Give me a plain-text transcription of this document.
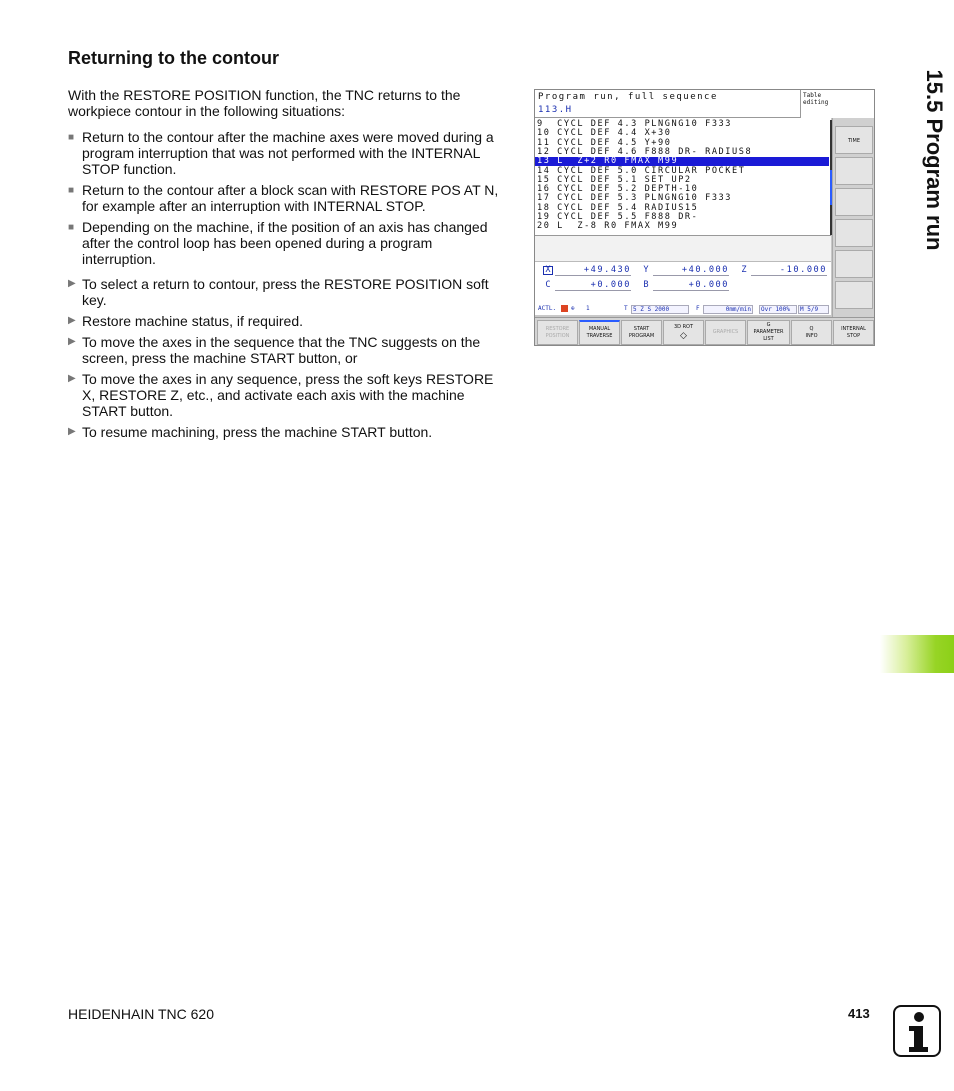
Returning to the contour

With the RESTORE POSITION function, the TNC returns to the workpiece contour in the following situations:

■ Return to the contour after the machine axes were moved during a program interruption that was not performed with the INTERNAL STOP function.
■ Return to the contour after a block scan with RESTORE POS AT N, for example after an interruption with INTERNAL STOP.
■ Depending on the machine, if the position of an axis has changed after the control loop has been opened during a program interruption.
▶ To select a return to contour, press the RESTORE POSITION soft key.
▶ Restore machine status, if required.
▶ To move the axes in the sequence that the TNC suggests on the screen, press the machine START button, or
▶ To move the axes in any sequence, press the soft keys RESTORE X, RESTORE Z, etc., and activate each axis with the machine START button.
▶ To resume machining, press the machine START button.
Program run, full sequence
113.H
Table
editing
9  CYCL DEF 4.3 PLNGNG10 F333
10 CYCL DEF 4.4 X+30
11 CYCL DEF 4.5 Y+90
12 CYCL DEF 4.6 F888 DR- RADIUS8
13 L  Z+2 R0 FMAX M99
14 CYCL DEF 5.0 CIRCULAR POCKET
15 CYCL DEF 5.1 SET UP2
16 CYCL DEF 5.2 DEPTH-10
17 CYCL DEF 5.3 PLNGNG10 F333
18 CYCL DEF 5.4 RADIUS15
19 CYCL DEF 5.5 F888 DR-
20 L  Z-8 R0 FMAX M99
X	+49.430 Y	+40.000 Z	-10.000
C	+0.000 B	+0.000
ACTL. ⊕ 1	T 5 Z S 2000	F	0mm/min	Ovr 100%	M 5/9
TIME
RESTORE
POSITION
MANUAL
TRAVERSE
START
PROGRAM
3D ROT
◇	GRAPHICS
G
PARAMETER
LIST
Q
INFO
INTERNAL
STOP
15.5 Program run
HEIDENHAIN TNC 620	413
